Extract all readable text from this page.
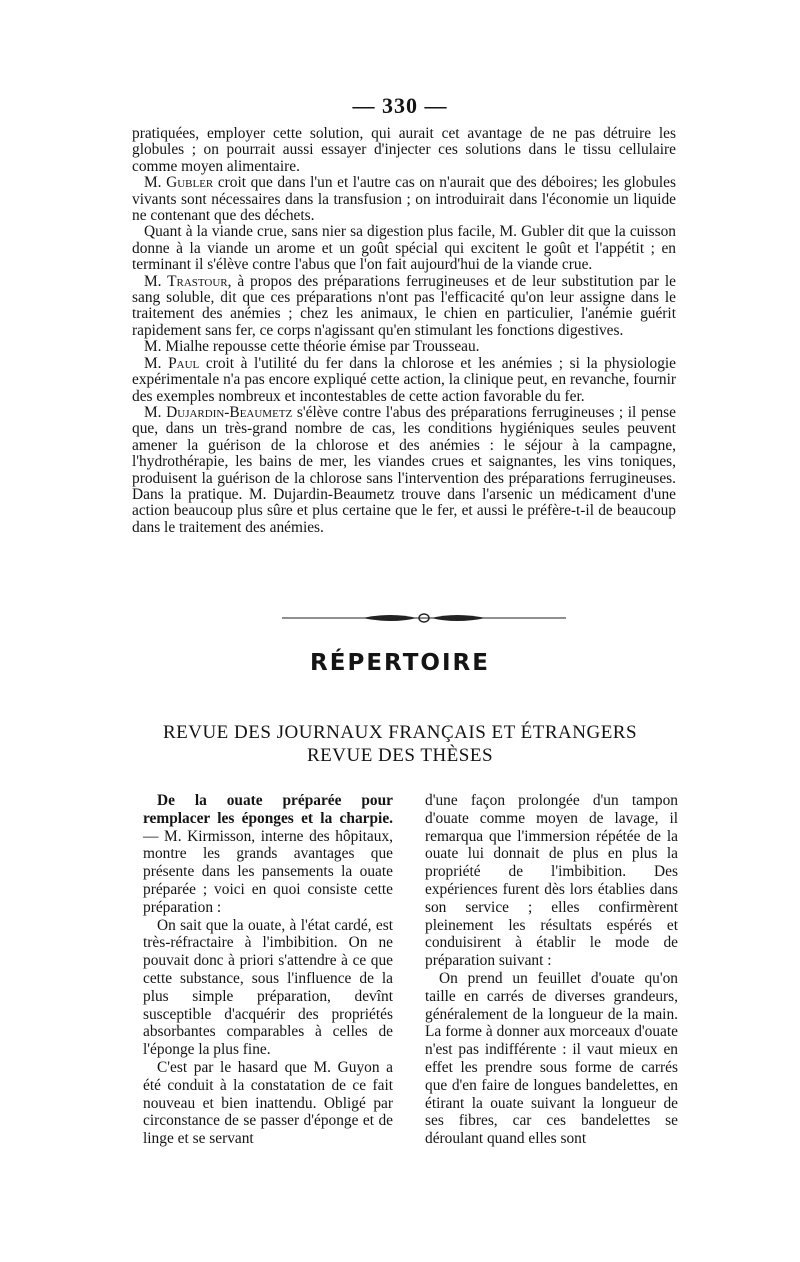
— 330 —

pratiquées, employer cette solution, qui aurait cet avantage de ne pas détruire les globules ; on pourrait aussi essayer d'injecter ces solutions dans le tissu cellulaire comme moyen alimentaire.

M. Gubler croit que dans l'un et l'autre cas on n'aurait que des déboires; les globules vivants sont nécessaires dans la transfusion ; on introduirait dans l'économie un liquide ne contenant que des déchets.

Quant à la viande crue, sans nier sa digestion plus facile, M. Gubler dit que la cuisson donne à la viande un arome et un goût spécial qui excitent le goût et l'appétit ; en terminant il s'élève contre l'abus que l'on fait aujourd'hui de la viande crue.

M. Trastour, à propos des préparations ferrugineuses et de leur substitution par le sang soluble, dit que ces préparations n'ont pas l'efficacité qu'on leur assigne dans le traitement des anémies ; chez les animaux, le chien en particulier, l'anémie guérit rapidement sans fer, ce corps n'agissant qu'en stimulant les fonctions digestives.

M. Mialhe repousse cette théorie émise par Trousseau.

M. Paul croit à l'utilité du fer dans la chlorose et les anémies ; si la physiologie expérimentale n'a pas encore expliqué cette action, la clinique peut, en revanche, fournir des exemples nombreux et incontestables de cette action favorable du fer.

M. Dujardin-Beaumetz s'élève contre l'abus des préparations ferrugineuses ; il pense que, dans un très-grand nombre de cas, les conditions hygiéniques seules peuvent amener la guérison de la chlorose et des anémies : le séjour à la campagne, l'hydrothérapie, les bains de mer, les viandes crues et saignantes, les vins toniques, produisent la guérison de la chlorose sans l'intervention des préparations ferrugineuses. Dans la pratique. M. Dujardin-Beaumetz trouve dans l'arsenic un médicament d'une action beaucoup plus sûre et plus certaine que le fer, et aussi le préfère-t-il de beaucoup dans le traitement des anémies.

RÉPERTOIRE
REVUE DES JOURNAUX FRANÇAIS ET ÉTRANGERS
REVUE DES THÈSES

De la ouate préparée pour remplacer les éponges et la charpie. — M. Kirmisson, interne des hôpitaux, montre les grands avantages que présente dans les pansements la ouate préparée ; voici en quoi consiste cette préparation :

On sait que la ouate, à l'état cardé, est très-réfractaire à l'imbibition. On ne pouvait donc à priori s'attendre à ce que cette substance, sous l'influence de la plus simple préparation, devînt susceptible d'acquérir des propriétés absorbantes comparables à celles de l'éponge la plus fine.

C'est par le hasard que M. Guyon a été conduit à la constatation de ce fait nouveau et bien inattendu. Obligé par circonstance de se passer d'éponge et de linge et se servant

d'une façon prolongée d'un tampon d'ouate comme moyen de lavage, il remarqua que l'immersion répétée de la ouate lui donnait de plus en plus la propriété de l'imbibition. Des expériences furent dès lors établies dans son service ; elles confirmèrent pleinement les résultats espérés et conduisirent à établir le mode de préparation suivant :

On prend un feuillet d'ouate qu'on taille en carrés de diverses grandeurs, généralement de la longueur de la main. La forme à donner aux morceaux d'ouate n'est pas indifférente : il vaut mieux en effet les prendre sous forme de carrés que d'en faire de longues bandelettes, en étirant la ouate suivant la longueur de ses fibres, car ces bandelettes se déroulant quand elles sont
